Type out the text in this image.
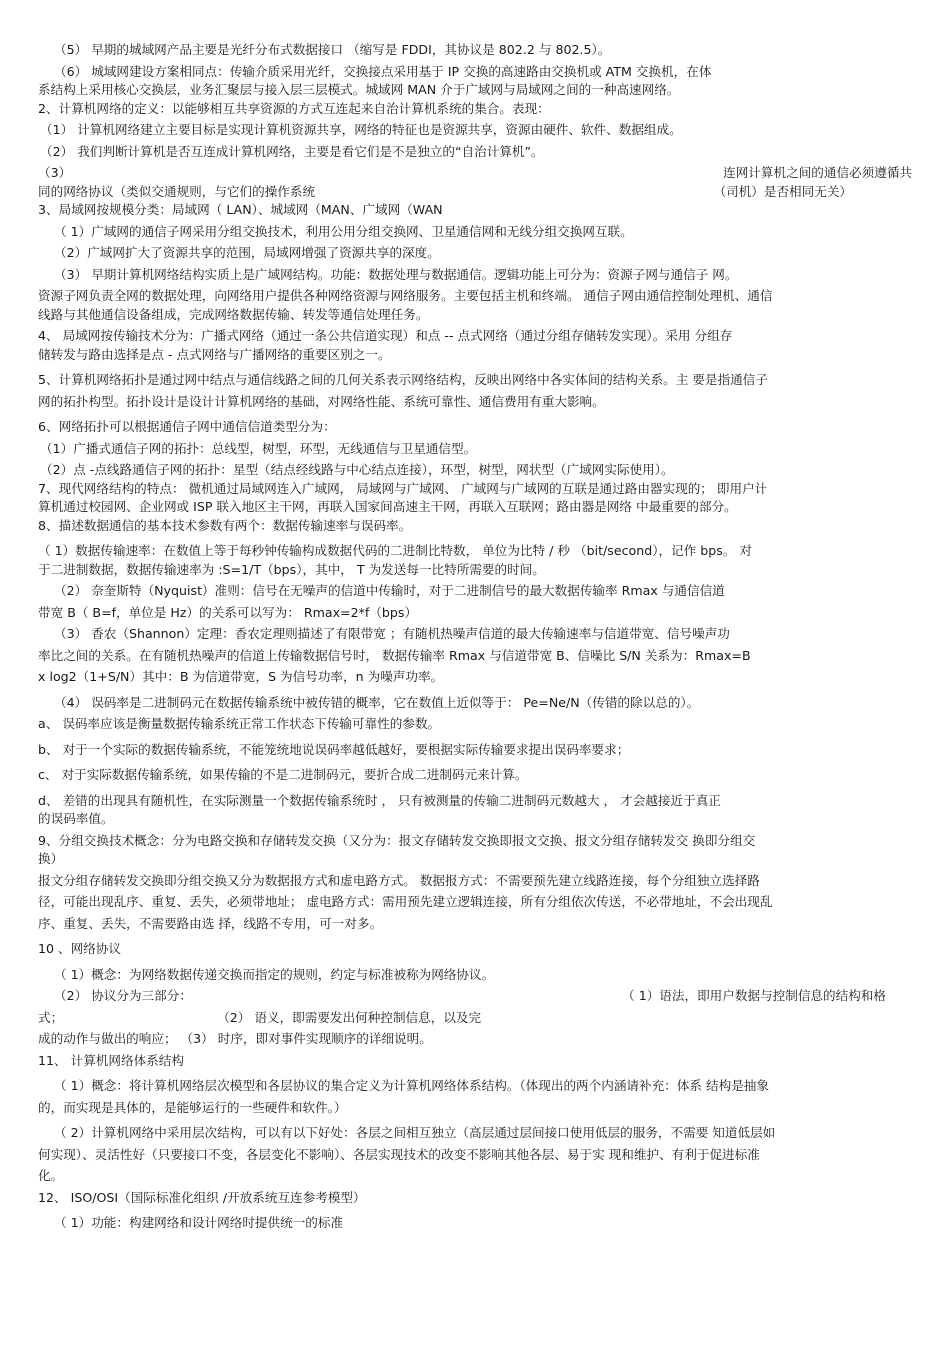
（5） 早期的城域网产品主要是光纤分布式数据接口 （缩写是 FDDI，其协议是 802.2 与 802.5）。

（6） 城域网建设方案相同点：传输介质采用光纤，交换接点采用基于 IP 交换的高速路由交换机或 ATM 交换机，在体

系结构上采用核心交换层，业务汇聚层与接入层三层模式。城域网 MAN 介于广域网与局域网之间的一种高速网络。

2、计算机网络的定义：以能够相互共享资源的方式互连起来自治计算机系统的集合。表现：

（1） 计算机网络建立主要目标是实现计算机资源共享，网络的特征也是资源共享，资源由硬件、软件、数据组成。

（2） 我们判断计算机是否互连成计算机网络，主要是看它们是不是独立的“自治计算机”。

（3）	连网计算机之间的通信必须遵循共
同的网络协议（类似交通规则，与它们的操作系统	（司机）是否相同无关）

3、局域网按规模分类：局域网（ LAN）、城域网（MAN、广域网（WAN

（ 1）广域网的通信子网采用分组交换技术，利用公用分组交换网、卫星通信网和无线分组交换网互联。

（2）广域网扩大了资源共享的范围，局域网增强了资源共享的深度。

（3） 早期计算机网络结构实质上是广域网结构。功能：数据处理与数据通信。逻辑功能上可分为：资源子网与通信子 网。

资源子网负责全网的数据处理，向网络用户提供各种网络资源与网络服务。主要包括主机和终端。 通信子网由通信控制处理机、通信

线路与其他通信设备组成，完成网络数据传输、转发等通信处理任务。

4、 局域网按传输技术分为：广播式网络（通过一条公共信道实现）和点 -- 点式网络（通过分组存储转发实现）。采用 分组存

储转发与路由选择是点 - 点式网络与广播网络的重要区别之一。

5、计算机网络拓扑是通过网中结点与通信线路之间的几何关系表示网络结构，反映出网络中各实体间的结构关系。主 要是指通信子

网的拓扑构型。拓扑设计是设计计算机网络的基础，对网络性能、系统可靠性、通信费用有重大影响。

6、网络拓扑可以根据通信子网中通信信道类型分为：

（1）广播式通信子网的拓扑：总线型，树型，环型，无线通信与卫星通信型。

（2）点 -点线路通信子网的拓扑：星型（结点经线路与中心结点连接），环型，树型，网状型（广域网实际使用）。

7、现代网络结构的特点： 微机通过局域网连入广域网， 局域网与广域网、 广域网与广域网的互联是通过路由器实现的； 即用户计

算机通过校园网、企业网或 ISP 联入地区主干网，再联入国家间高速主干网，再联入互联网；路由器是网络 中最重要的部分。

8、描述数据通信的基本技术参数有两个：数据传输速率与误码率。

（ 1）数据传输速率：在数值上等于每秒钟传输构成数据代码的二进制比特数， 单位为比特 / 秒 （bit/second），记作 bps。 对

于二进制数据，数据传输速率为 :S=1/T（bps），其中， T 为发送每一比特所需要的时间。

（2） 奈奎斯特（Nyquist）准则：信号在无噪声的信道中传输时，对于二进制信号的最大数据传输率 Rmax 与通信信道

带宽 B（ B=f，单位是 Hz）的关系可以写为： Rmax=2*f（bps）

（3） 香农（Shannon）定理：香农定理则描述了有限带宽 ；有随机热噪声信道的最大传输速率与信道带宽、信号噪声功

率比之间的关系。在有随机热噪声的信道上传输数据信号时， 数据传输率 Rmax 与信道带宽 B、信噪比 S/N 关系为：Rmax=B

x log2（1+S/N）其中：B 为信道带宽，S 为信号功率，n 为噪声功率。

（4） 误码率是二进制码元在数据传输系统中被传错的概率，它在数值上近似等于： Pe=Ne/N（传错的除以总的）。

a、 误码率应该是衡量数据传输系统正常工作状态下传输可靠性的参数。

b、 对于一个实际的数据传输系统，不能笼统地说误码率越低越好，要根据实际传输要求提出误码率要求；

c、 对于实际数据传输系统，如果传输的不是二进制码元，要折合成二进制码元来计算。

d、 差错的出现具有随机性，在实际测量一个数据传输系统时 ， 只有被测量的传输二进制码元数越大 ， 才会越接近于真正

的误码率值。

9、分组交换技术概念：分为电路交换和存储转发交换（又分为：报文存储转发交换即报文交换、报文分组存储转发交 换即分组交

换）

报文分组存储转发交换即分组交换又分为数据报方式和虚电路方式。 数据报方式：不需要预先建立线路连接，每个分组独立选择路

径，可能出现乱序、重复、丢失，必须带地址； 虚电路方式：需用预先建立逻辑连接，所有分组依次传送，不必带地址，不会出现乱

序、重复、丢失，不需要路由选 择，线路不专用，可一对多。

10 、网络协议

（ 1）概念：为网络数据传递交换而指定的规则，约定与标准被称为网络协议。

（2） 协议分为三部分：	（ 1）语法，即用户数据与控制信息的结构和格
式；	（2） 语义，即需要发出何种控制信息，以及完

成的动作与做出的响应； （3） 时序，即对事件实现顺序的详细说明。

11、 计算机网络体系结构

（ 1）概念：将计算机网络层次模型和各层协议的集合定义为计算机网络体系结构。（体现出的两个内涵请补充：体系 结构是抽象

的，而实现是具体的，是能够运行的一些硬件和软件。）

（ 2）计算机网络中采用层次结构，可以有以下好处：各层之间相互独立（高层通过层间接口使用低层的服务，不需要 知道低层如

何实现）、灵活性好（只要接口不变，各层变化不影响）、各层实现技术的改变不影响其他各层、易于实 现和维护、有利于促进标准

化。

12、 ISO/OSI（国际标准化组织 /开放系统互连参考模型）

（ 1）功能：构建网络和设计网络时提供统一的标准
